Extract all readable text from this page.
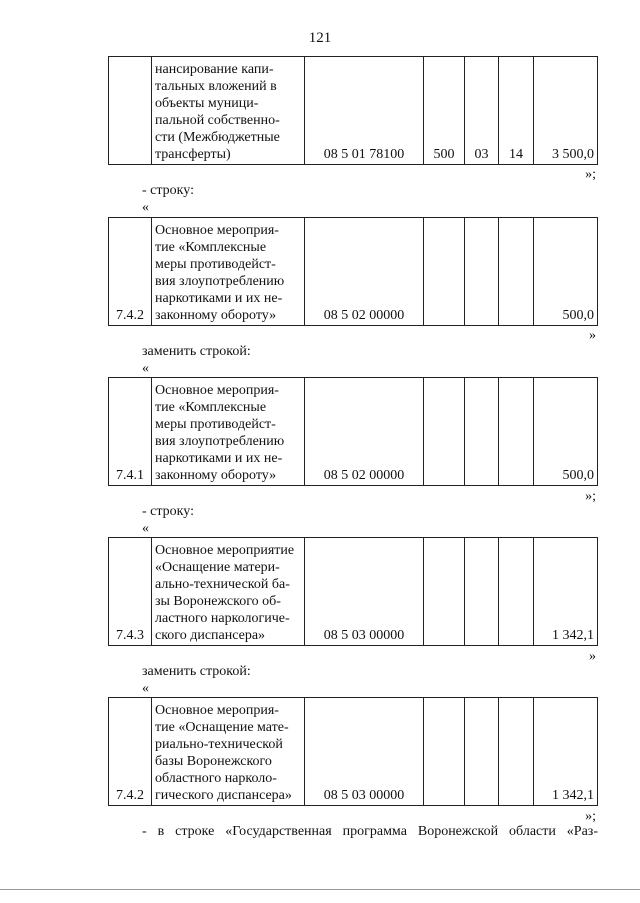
121

нансирование капи-
тальных вложений в
объекты муници-
пальной собственно-
сти (Межбюджетные
трансферты)	08 5 01 78100	500	03	14	3 500,0
»;
- строку:
«
7.4.2	
Основное мероприя-
тие «Комплексные
меры противодейст-
вия злоупотреблению
наркотиками и их не-
законному обороту»	08 5 02 00000				500,0
»
заменить строкой:
«
7.4.1	
Основное мероприя-
тие «Комплексные
меры противодейст-
вия злоупотреблению
наркотиками и их не-
законному обороту»	08 5 02 00000				500,0
»;
- строку:
«
7.4.3	
Основное мероприятие
«Оснащение матери-
ально-технической ба-
зы Воронежского об-
ластного наркологиче-
ского диспансера»	08 5 03 00000				1 342,1
»
заменить строкой:
«
7.4.2	
Основное мероприя-
тие «Оснащение мате-
риально-технической
базы Воронежского
областного нарколо-
гического диспансера»	08 5 03 00000				1 342,1
»;
- в строке «Государственная программа Воронежской области «Раз-
